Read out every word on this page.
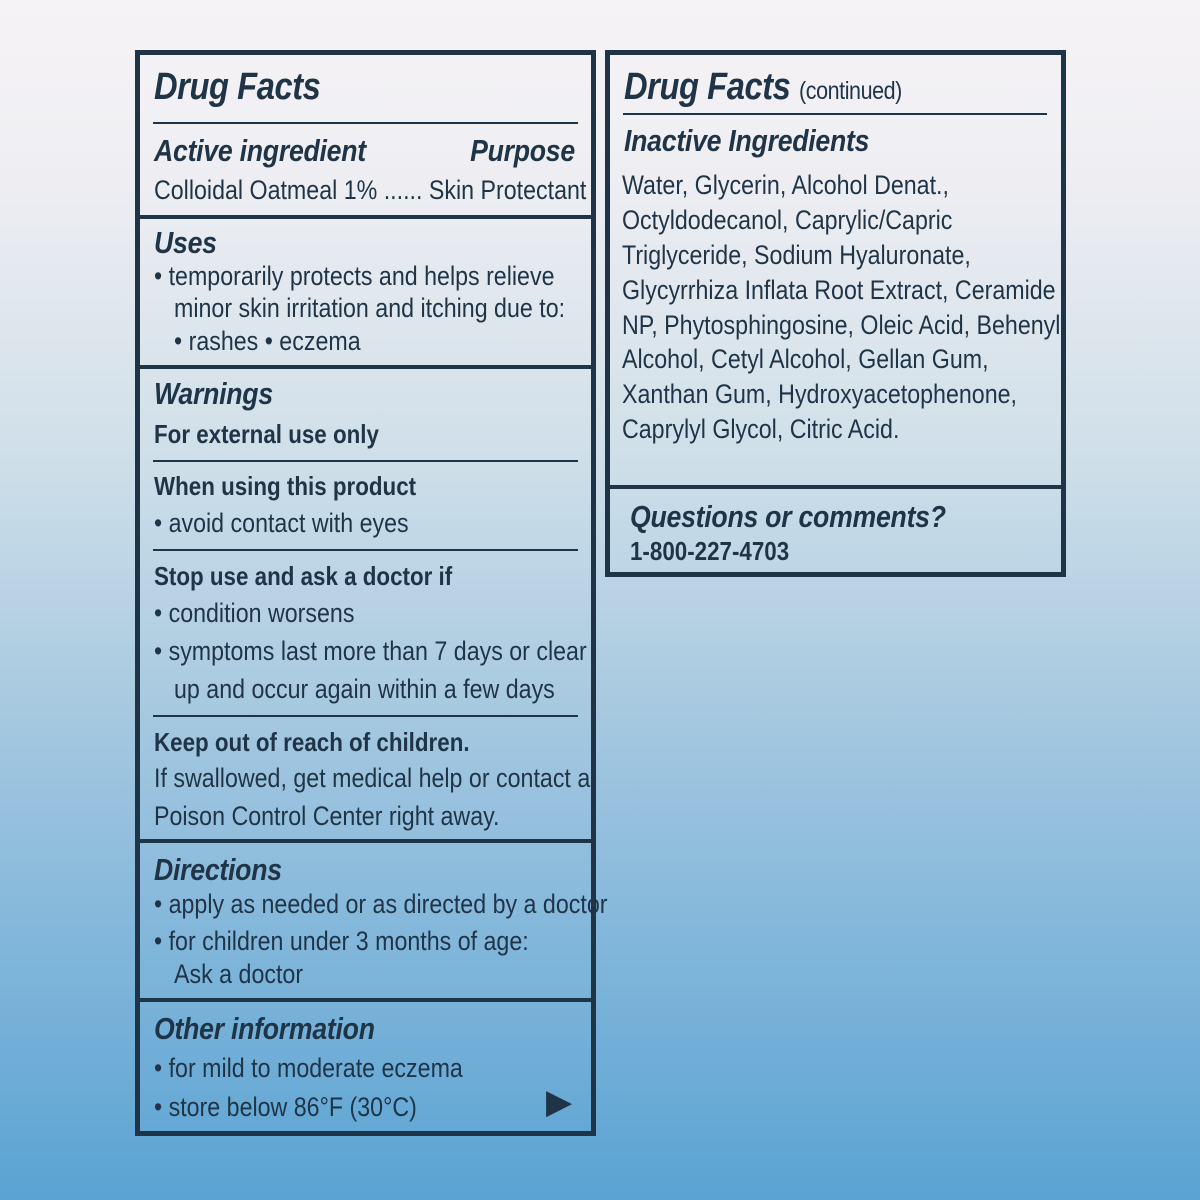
Drug Facts

Active ingredient	Purpose

Colloidal Oatmeal 1% ...... Skin Protectant

Uses

• temporarily protects and helps relieve

minor skin irritation and itching due to:

• rashes • eczema

Warnings

For external use only

When using this product

• avoid contact with eyes

Stop use and ask a doctor if

• condition worsens

• symptoms last more than 7 days or clear

up and occur again within a few days

Keep out of reach of children.

If swallowed, get medical help or contact a

Poison Control Center right away.

Directions

• apply as needed or as directed by a doctor

• for children under 3 months of age:

Ask a doctor

Other information

• for mild to moderate eczema

• store below 86°F (30°C)	▶

Drug Facts (continued)

Inactive Ingredients

Water, Glycerin, Alcohol Denat.,

Octyldodecanol, Caprylic/Capric

Triglyceride, Sodium Hyaluronate,

Glycyrrhiza Inflata Root Extract, Ceramide

NP, Phytosphingosine, Oleic Acid, Behenyl

Alcohol, Cetyl Alcohol, Gellan Gum,

Xanthan Gum, Hydroxyacetophenone,

Caprylyl Glycol, Citric Acid.

Questions or comments?

1-800-227-4703
